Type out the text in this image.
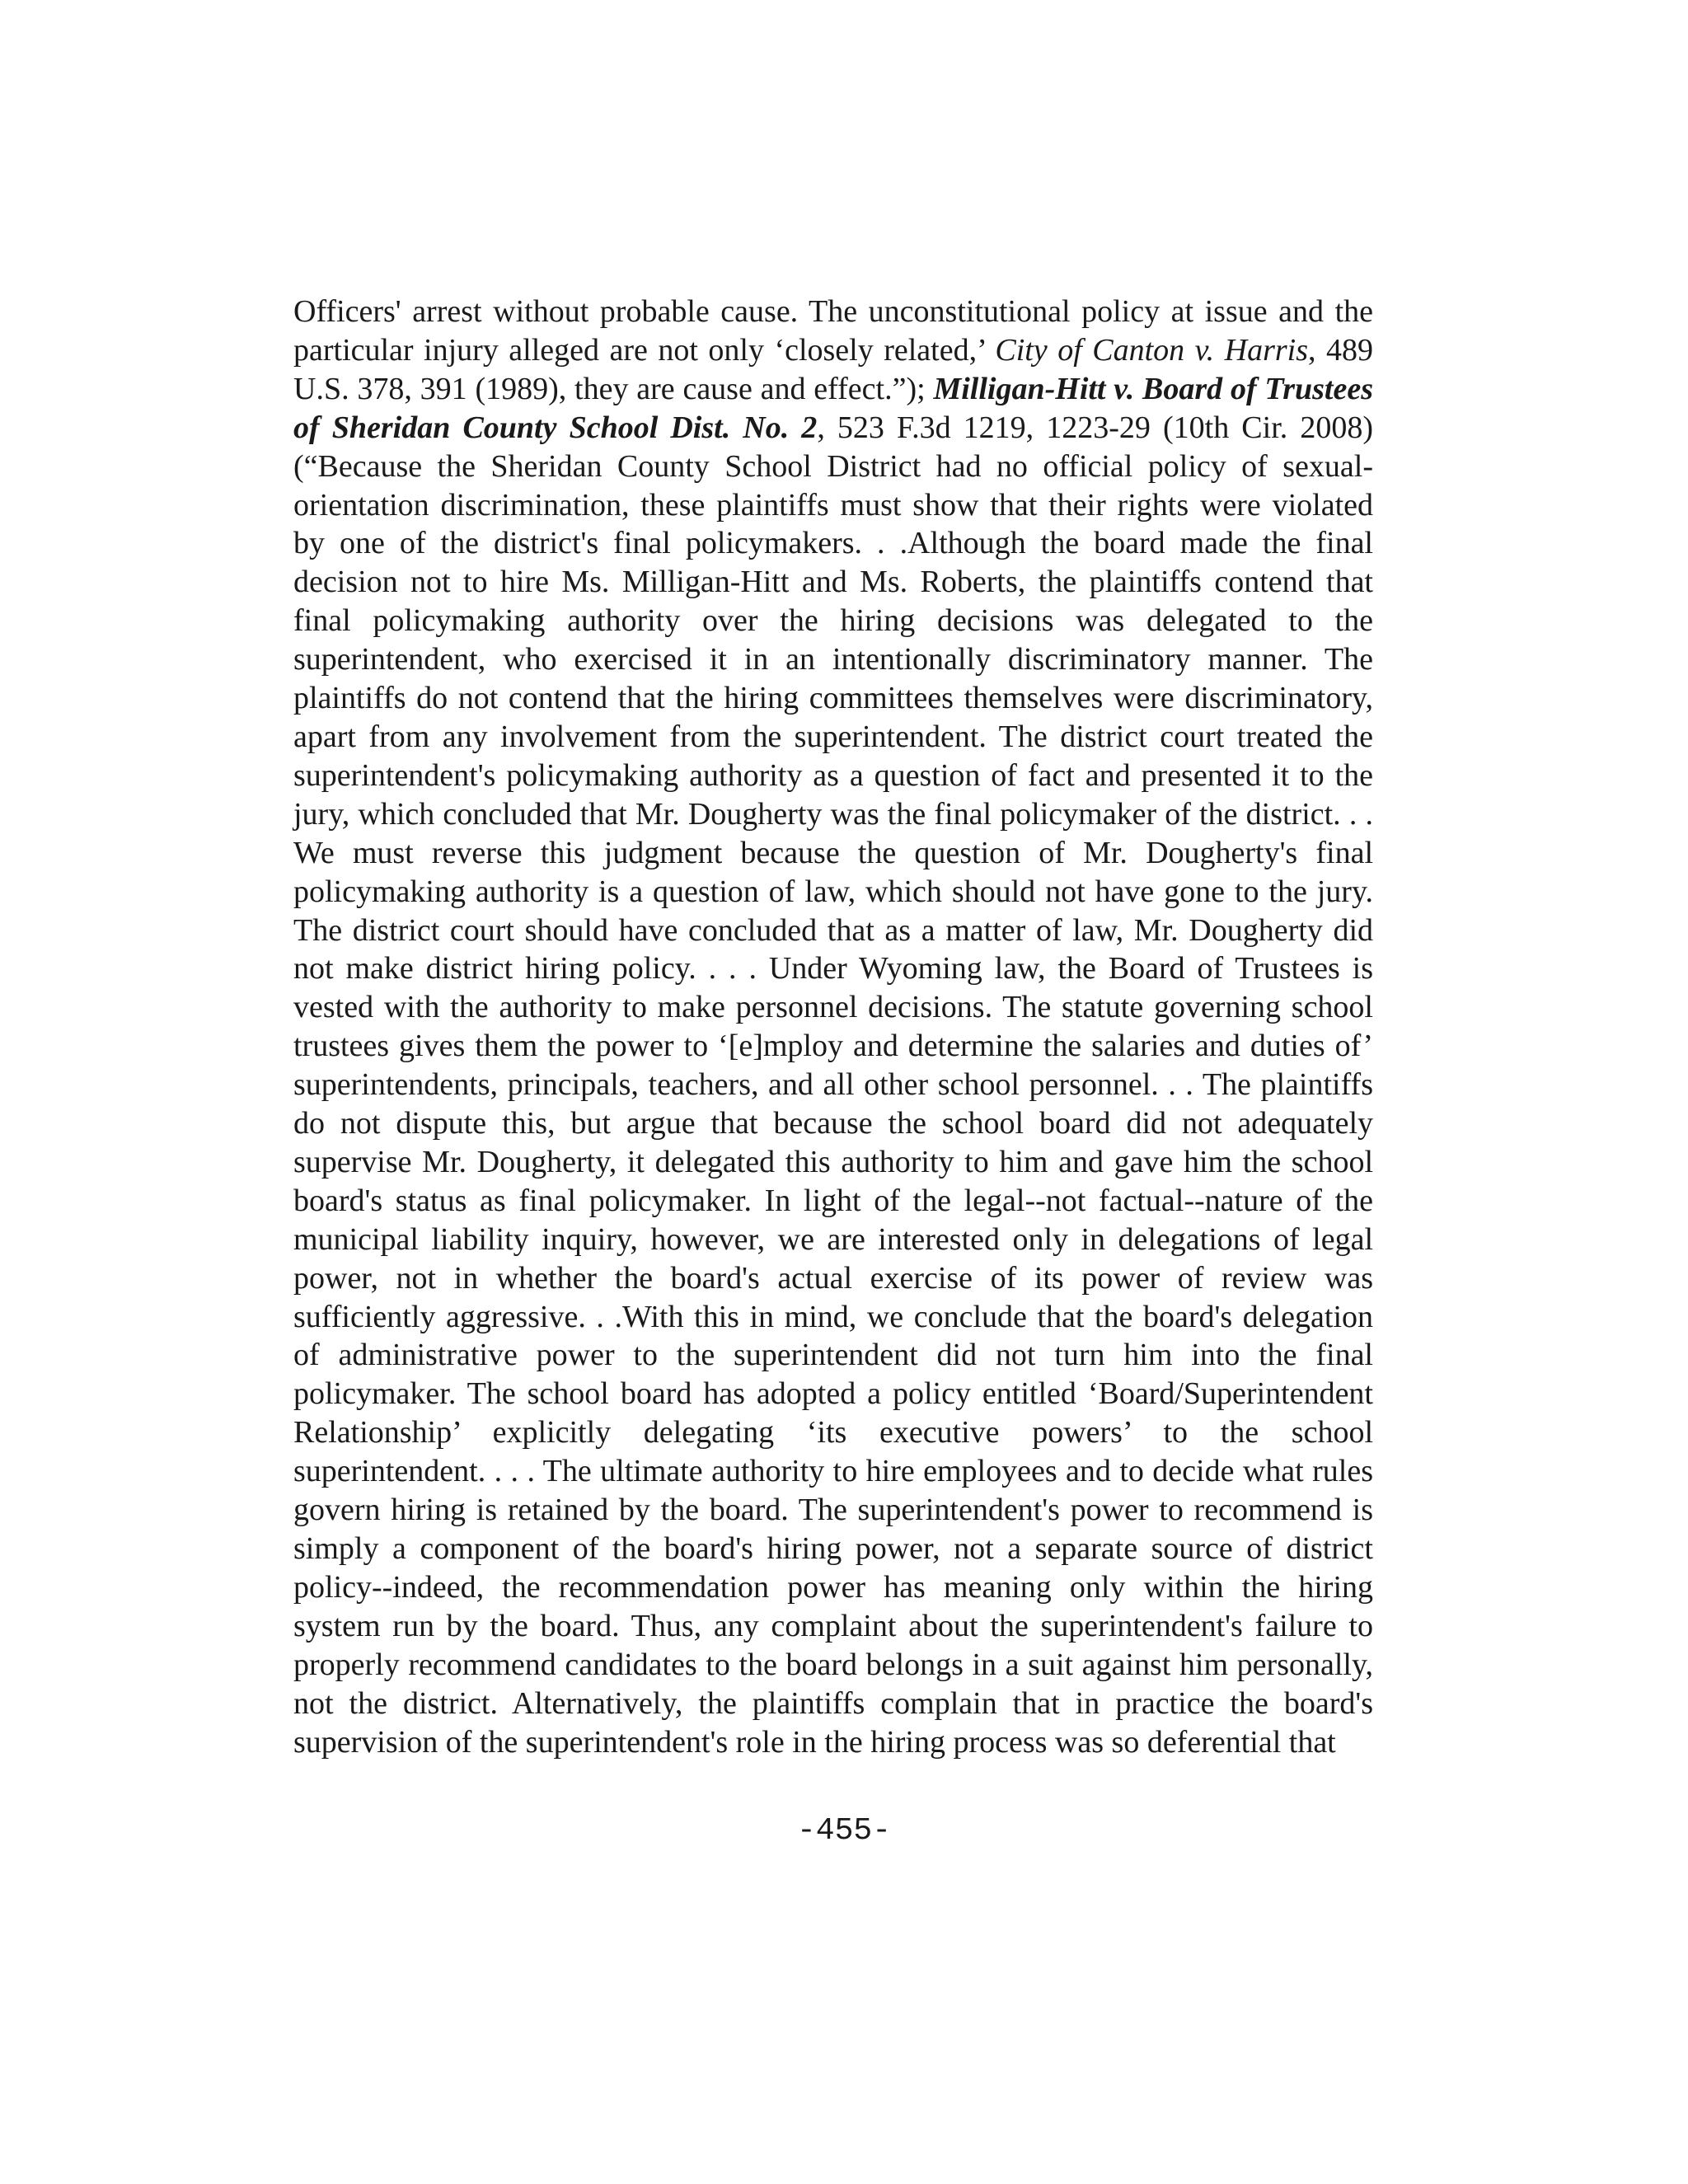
Officers' arrest without probable cause. The unconstitutional policy at issue and the particular injury alleged are not only ‘closely related,’ City of Canton v. Harris, 489 U.S. 378, 391 (1989), they are cause and effect.”); Milligan-Hitt v. Board of Trustees of Sheridan County School Dist. No. 2, 523 F.3d 1219, 1223-29 (10th Cir. 2008) (“Because the Sheridan County School District had no official policy of sexual-orientation discrimination, these plaintiffs must show that their rights were violated by one of the district's final policymakers. . .Although the board made the final decision not to hire Ms. Milligan-Hitt and Ms. Roberts, the plaintiffs contend that final policymaking authority over the hiring decisions was delegated to the superintendent, who exercised it in an intentionally discriminatory manner. The plaintiffs do not contend that the hiring committees themselves were discriminatory, apart from any involvement from the superintendent. The district court treated the superintendent's policymaking authority as a question of fact and presented it to the jury, which concluded that Mr. Dougherty was the final policymaker of the district. . . We must reverse this judgment because the question of Mr. Dougherty's final policymaking authority is a question of law, which should not have gone to the jury. The district court should have concluded that as a matter of law, Mr. Dougherty did not make district hiring policy. . . . Under Wyoming law, the Board of Trustees is vested with the authority to make personnel decisions. The statute governing school trustees gives them the power to ‘[e]mploy and determine the salaries and duties of’ superintendents, principals, teachers, and all other school personnel. . . The plaintiffs do not dispute this, but argue that because the school board did not adequately supervise Mr. Dougherty, it delegated this authority to him and gave him the school board's status as final policymaker. In light of the legal--not factual--nature of the municipal liability inquiry, however, we are interested only in delegations of legal power, not in whether the board's actual exercise of its power of review was sufficiently aggressive. . .With this in mind, we conclude that the board's delegation of administrative power to the superintendent did not turn him into the final policymaker. The school board has adopted a policy entitled ‘Board/Superintendent Relationship’ explicitly delegating ‘its executive powers’ to the school superintendent. . . . The ultimate authority to hire employees and to decide what rules govern hiring is retained by the board. The superintendent's power to recommend is simply a component of the board's hiring power, not a separate source of district policy--indeed, the recommendation power has meaning only within the hiring system run by the board. Thus, any complaint about the superintendent's failure to properly recommend candidates to the board belongs in a suit against him personally, not the district. Alternatively, the plaintiffs complain that in practice the board's supervision of the superintendent's role in the hiring process was so deferential that

-455-
